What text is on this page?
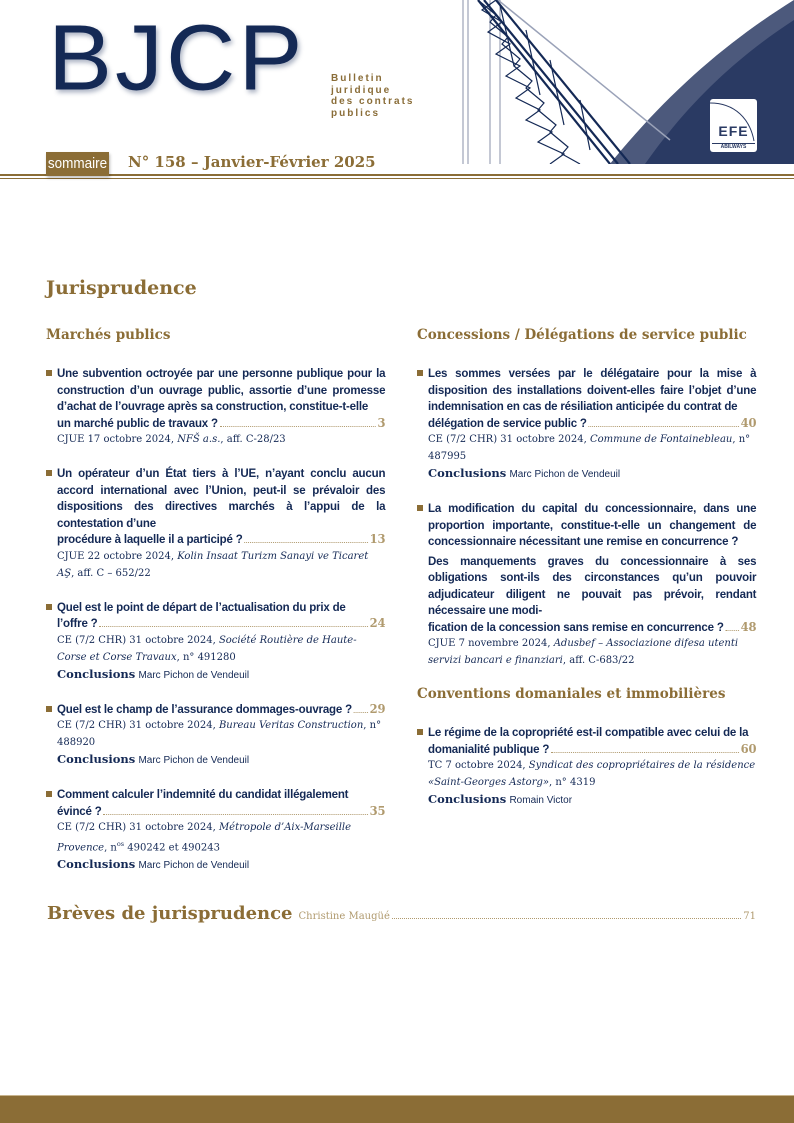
BJCP	Bulletin
juridique
des contrats
publics
EFE
ABILWAYS
sommaire N° 158 – Janvier-Février 2025
Jurisprudence
Marchés publics
Une subvention octroyée par une personne publique pour la construction d’un ouvrage public, assortie d’une promesse d’achat de l’ouvrage après sa construction, constitue-t-elle
un marché public de travaux ?	3
CJUE 17 octobre 2024, NFŠ a.s., aff. C-28/23
Un opérateur d’un État tiers à l’UE, n’ayant conclu aucun accord international avec l’Union, peut-il se prévaloir des dispositions des directives marchés à l’appui de la contestation d’une
procédure à laquelle il a participé ?	13
CJUE 22 octobre 2024, Kolin Insaat Turizm Sanayi ve Ticaret AŞ, aff. C – 652/22
Quel est le point de départ de l’actualisation du prix de
l’offre ?	24
CE (7/2 CHR) 31 octobre 2024, Société Routière de Haute-Corse et Corse Travaux, n° 491280
Conclusions Marc Pichon de Vendeuil
Quel est le champ de l’assurance dommages-ouvrage ? 29
CE (7/2 CHR) 31 octobre 2024, Bureau Veritas Construction, n° 488920
Conclusions Marc Pichon de Vendeuil
Comment calculer l’indemnité du candidat illégalement
évincé ?	35
CE (7/2 CHR) 31 octobre 2024, Métropole d’Aix-Marseille Provence, $n^{os}$ 490242 et 490243
Conclusions Marc Pichon de Vendeuil
Concessions / Délégations de service public
Les sommes versées par le délégataire pour la mise à disposition des installations doivent-elles faire l’objet d’une indemnisation en cas de résiliation anticipée du contrat de
délégation de service public ?	40
CE (7/2 CHR) 31 octobre 2024, Commune de Fontainebleau, n° 487995
Conclusions Marc Pichon de Vendeuil
La modification du capital du concessionnaire, dans une proportion importante, constitue-t-elle un changement de concessionnaire nécessitant une remise en concurrence ?
Des manquements graves du concessionnaire à ses obligations sont-ils des circonstances qu’un pouvoir adjudicateur diligent ne pouvait pas prévoir, rendant nécessaire une modi-
fication de la concession sans remise en concurrence ? 48
CJUE 7 novembre 2024, Adusbef – Associazione difesa utenti servizi bancari e finanziari, aff. C-683/22
Conventions domaniales et immobilières
Le régime de la copropriété est-il compatible avec celui de la
domanialité publique ?	60
TC 7 octobre 2024, Syndicat des copropriétaires de la résidence «Saint-Georges Astorg», n° 4319
Conclusions Romain Victor
Brèves de jurisprudence Christine Maugüé	71
